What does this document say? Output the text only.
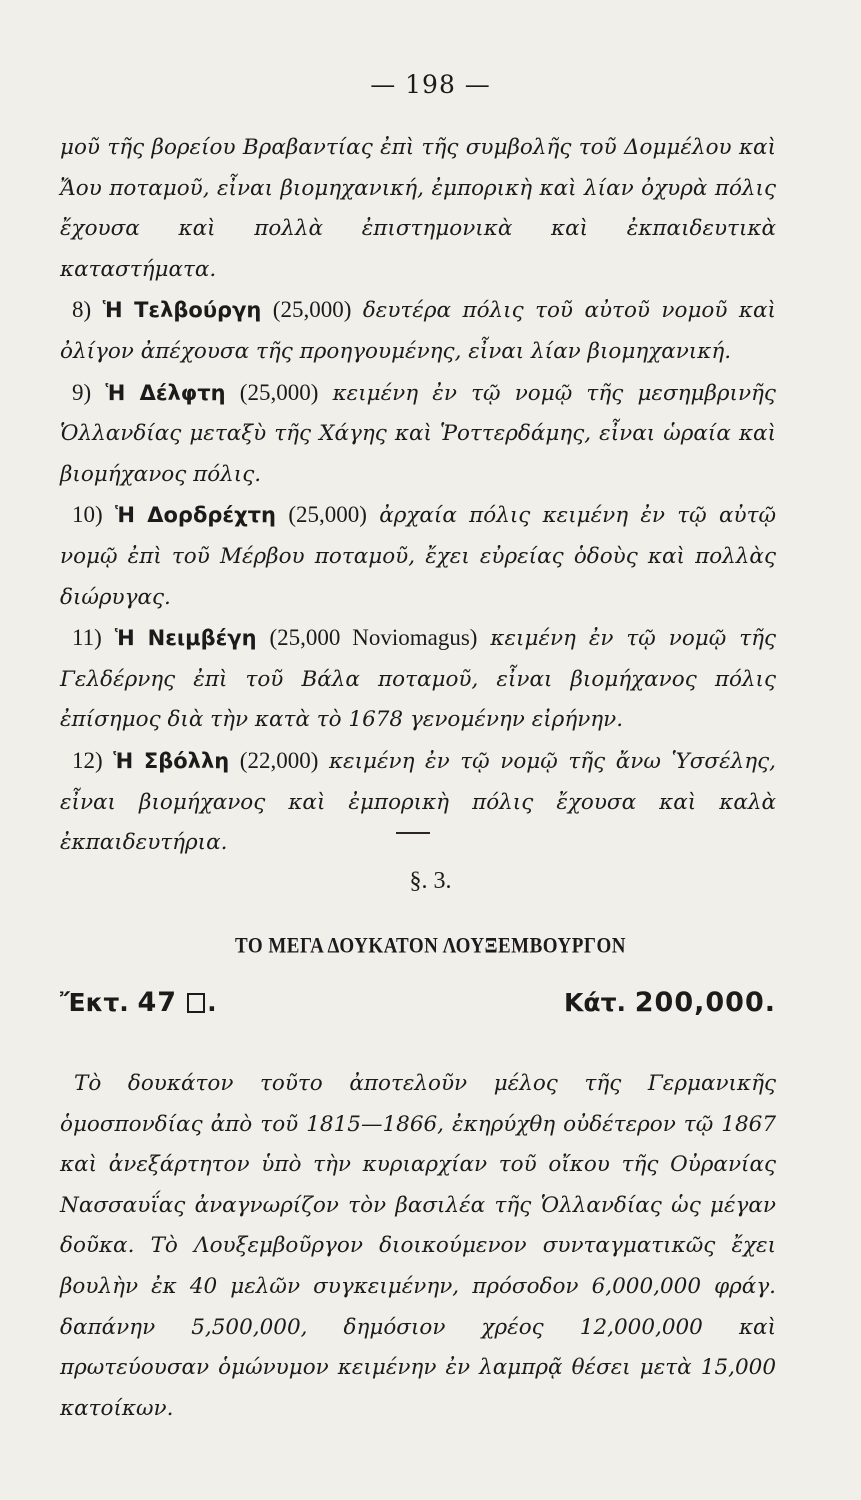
— 198 —

μοῦ τῆς βορείου Βραβαντίας ἐπὶ τῆς συμβολῆς τοῦ Δομμέλου καὶ Ἄου ποταμοῦ, εἶναι βιομηχανική, ἐμπορικὴ καὶ λίαν ὀχυρὰ πόλις ἔχουσα καὶ πολλὰ ἐπιστημονικὰ καὶ ἐκπαιδευτικὰ καταστήματα.

8) Ἡ Τελβούργη (25,000) δευτέρα πόλις τοῦ αὐτοῦ νομοῦ καὶ ὀλίγον ἀπέχουσα τῆς προηγουμένης, εἶναι λίαν βιομηχανική.

9) Ἡ Δέλφτη (25,000) κειμένη ἐν τῷ νομῷ τῆς μεσημβρινῆς Ὁλλανδίας μεταξὺ τῆς Χάγης καὶ Ῥοττερδάμης, εἶναι ὡραία καὶ βιομήχανος πόλις.

10) Ἡ Δορδρέχτη (25,000) ἀρχαία πόλις κειμένη ἐν τῷ αὐτῷ νομῷ ἐπὶ τοῦ Μέρβου ποταμοῦ, ἔχει εὐρείας ὁδοὺς καὶ πολλὰς διώρυγας.

11) Ἡ Νειμβέγη (25,000 Noviomagus) κειμένη ἐν τῷ νομῷ τῆς Γελδέρνης ἐπὶ τοῦ Βάλα ποταμοῦ, εἶναι βιομήχανος πόλις ἐπίσημος διὰ τὴν κατὰ τὸ 1678 γενομένην εἰρήνην.

12) Ἡ Σβόλλη (22,000) κειμένη ἐν τῷ νομῷ τῆς ἄνω Ὑσσέλης, εἶναι βιομήχανος καὶ ἐμπορικὴ πόλις ἔχουσα καὶ καλὰ ἐκπαιδευτήρια.

§. 3.
ΤΟ ΜΕΓΑ ΔΟΥΚΑΤΟΝ ΛΟΥΞΕΜΒΟΥΡΓΟΝ
Ἔκτ. 47 .	Κάτ. 200,000.

Τὸ δουκάτον τοῦτο ἀποτελοῦν μέλος τῆς Γερμανικῆς ὁμοσπονδίας ἀπὸ τοῦ 1815—1866, ἐκηρύχθη οὐδέτερον τῷ 1867 καὶ ἀνεξάρτητον ὑπὸ τὴν κυριαρχίαν τοῦ οἴκου τῆς Οὐρανίας Νασσαυΐας ἀναγνωρίζον τὸν βασιλέα τῆς Ὁλλανδίας ὡς μέγαν δοῦκα. Τὸ Λουξεμβοῦργον διοικούμενον συνταγματικῶς ἔχει βουλὴν ἐκ 40 μελῶν συγκειμένην, πρόσοδον 6,000,000 φράγ. δαπάνην 5,500,000, δημόσιον χρέος 12,000,000 καὶ πρωτεύουσαν ὁμώνυμον κειμένην ἐν λαμπρᾷ θέσει μετὰ 15,000 κατοίκων.
